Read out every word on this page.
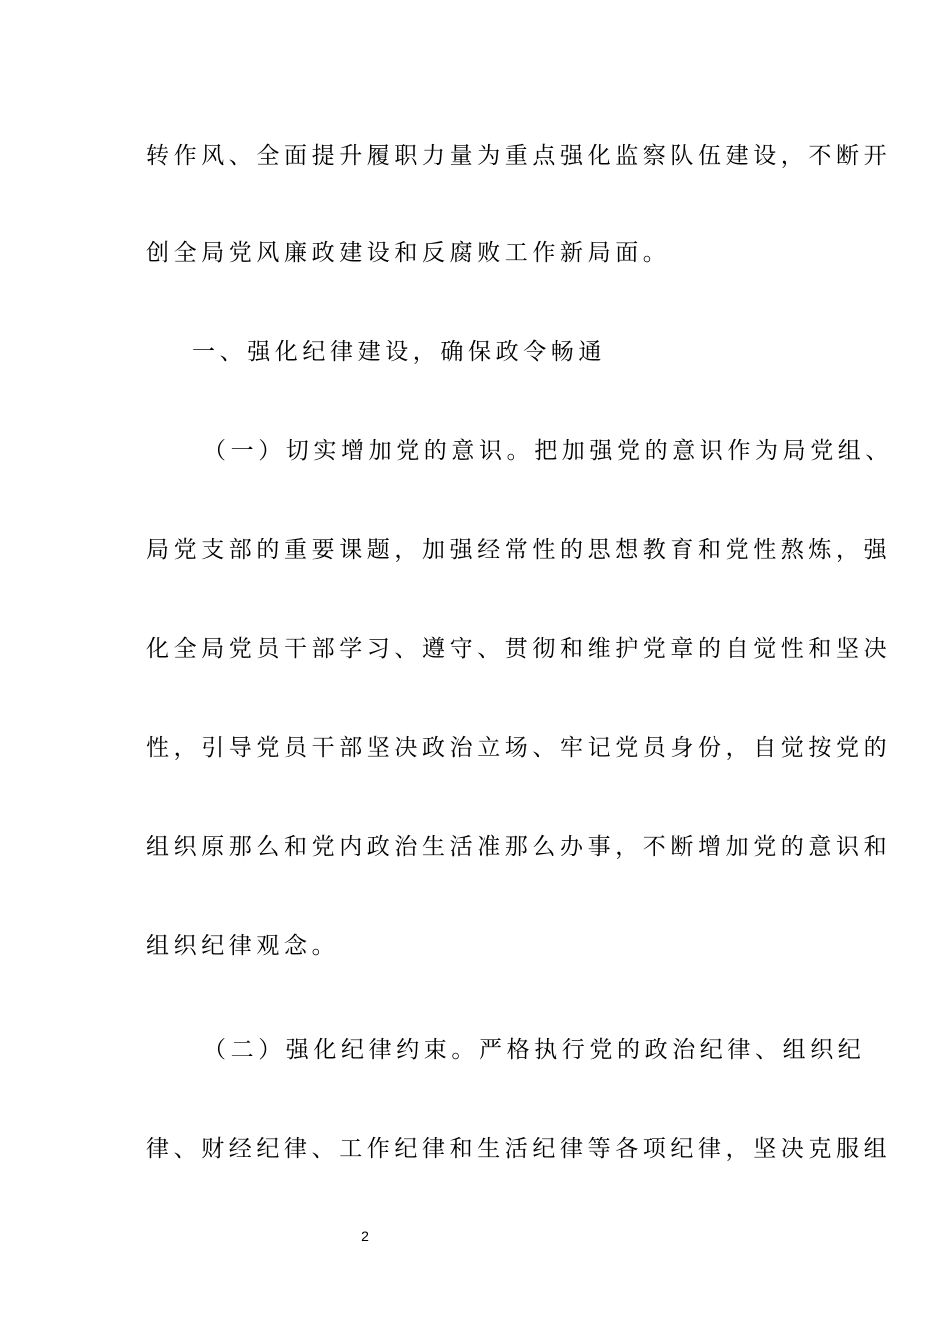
转作风、全面提升履职力量为重点强化监察队伍建设，不断开
创全局党风廉政建设和反腐败工作新局面。
一、强化纪律建设，确保政令畅通
（一）切实增加党的意识。把加强党的意识作为局党组、
局党支部的重要课题，加强经常性的思想教育和党性熬炼，强
化全局党员干部学习、遵守、贯彻和维护党章的自觉性和坚决
性，引导党员干部坚决政治立场、牢记党员身份，自觉按党的
组织原那么和党内政治生活准那么办事，不断增加党的意识和
组织纪律观念。
（二）强化纪律约束。严格执行党的政治纪律、组织纪
律、财经纪律、工作纪律和生活纪律等各项纪律，坚决克服组
2
